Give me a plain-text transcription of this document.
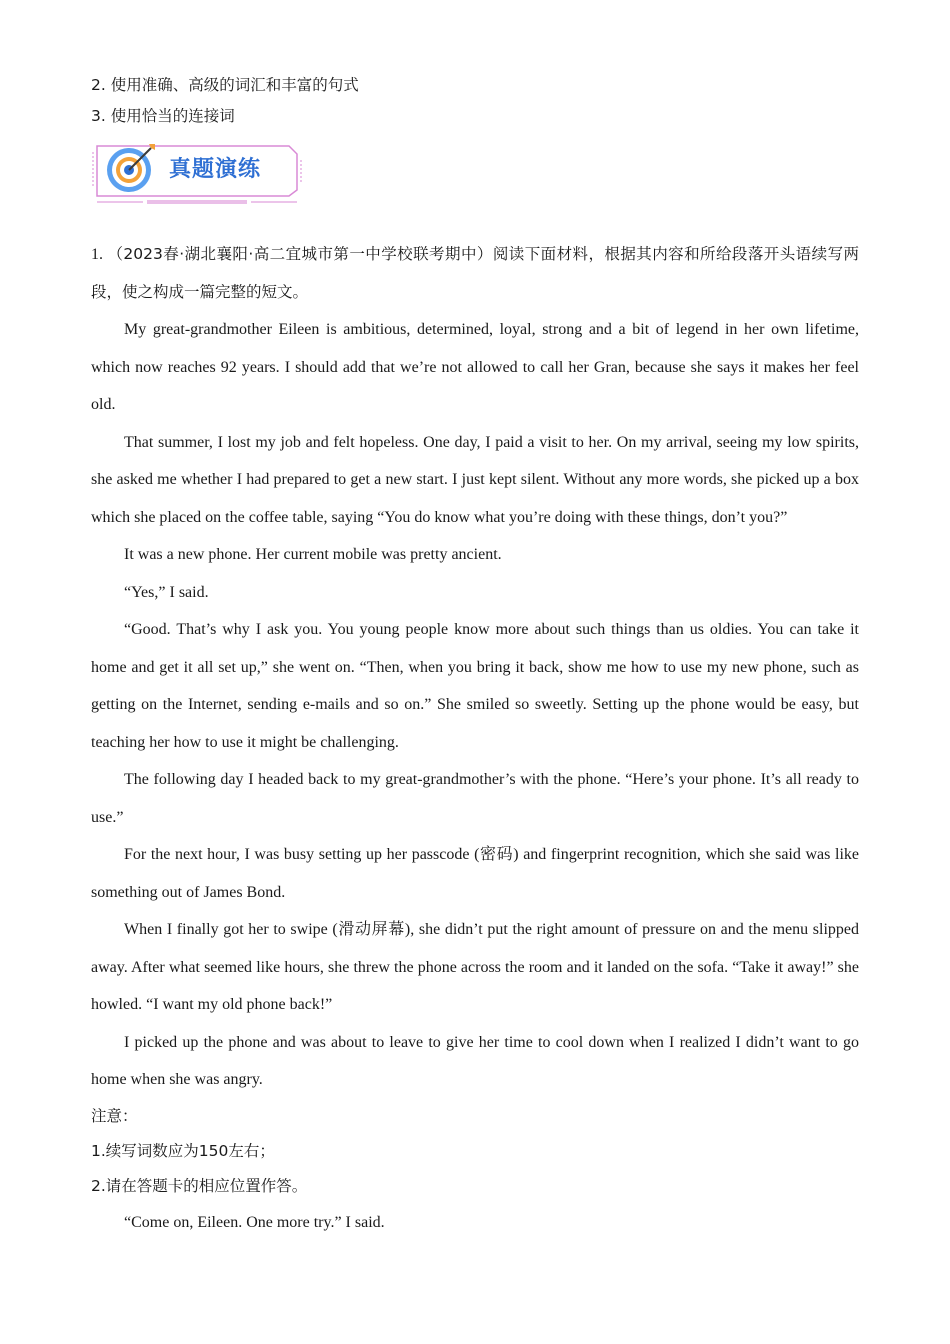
2. 使用准确、高级的词汇和丰富的句式

3. 使用恰当的连接词

真题演练

1. （2023春·湖北襄阳·高二宜城市第一中学校联考期中）阅读下面材料，根据其内容和所给段落开头语续写两段，使之构成一篇完整的短文。

My great-grandmother Eileen is ambitious, determined, loyal, strong and a bit of legend in her own lifetime, which now reaches 92 years. I should add that we’re not allowed to call her Gran, because she says it makes her feel old.

That summer, I lost my job and felt hopeless. One day, I paid a visit to her. On my arrival, seeing my low spirits, she asked me whether I had prepared to get a new start. I just kept silent. Without any more words, she picked up a box which she placed on the coffee table, saying “You do know what you’re doing with these things, don’t you?”

It was a new phone. Her current mobile was pretty ancient.

“Yes,” I said.

“Good. That’s why I ask you. You young people know more about such things than us oldies. You can take it home and get it all set up,” she went on. “Then, when you bring it back, show me how to use my new phone, such as getting on the Internet, sending e-mails and so on.” She smiled so sweetly. Setting up the phone would be easy, but teaching her how to use it might be challenging.

The following day I headed back to my great-grandmother’s with the phone. “Here’s your phone. It’s all ready to use.”

For the next hour, I was busy setting up her passcode (密码) and fingerprint recognition, which she said was like something out of James Bond.

When I finally got her to swipe (滑动屏幕), she didn’t put the right amount of pressure on and the menu slipped away. After what seemed like hours, she threw the phone across the room and it landed on the sofa. “Take it away!” she howled. “I want my old phone back!”

I picked up the phone and was about to leave to give her time to cool down when I realized I didn’t want to go home when she was angry.

注意：

1.续写词数应为150左右；

2.请在答题卡的相应位置作答。

“Come on, Eileen. One more try.” I said.
